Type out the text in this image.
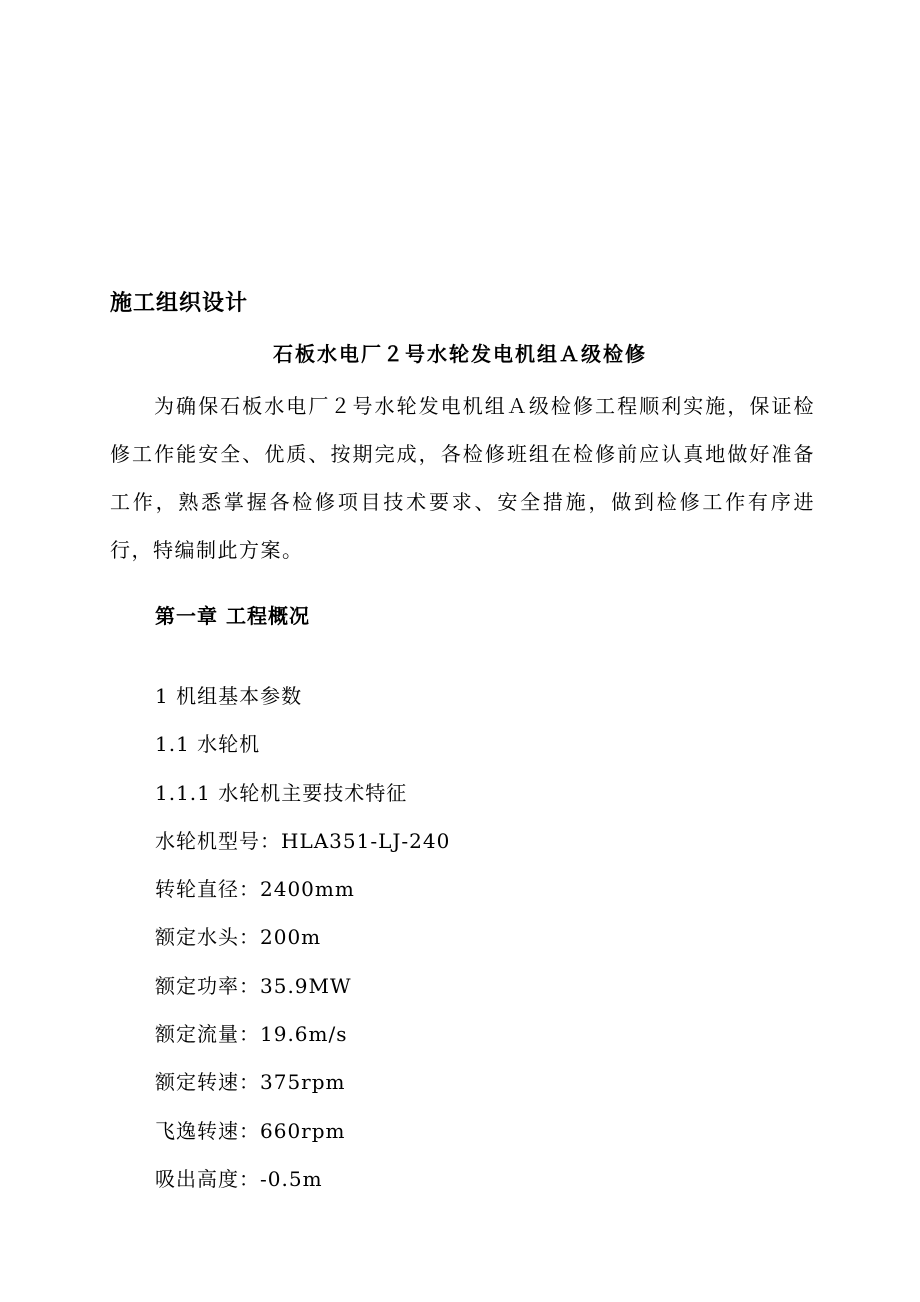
施工组织设计
石板水电厂２号水轮发电机组Ａ级检修

为确保石板水电厂２号水轮发电机组Ａ级检修工程顺利实施，保证检修工作能安全、优质、按期完成，各检修班组在检修前应认真地做好准备工作，熟悉掌握各检修项目技术要求、安全措施，做到检修工作有序进行，特编制此方案。

第一章 工程概况
1 机组基本参数
1.1 水轮机
1.1.1 水轮机主要技术特征
水轮机型号：HLA351-LJ-240
转轮直径：2400mm
额定水头：200m
额定功率：35.9MW
额定流量：19.6m/s
额定转速：375rpm
飞逸转速：660rpm
吸出高度：-0.5m
